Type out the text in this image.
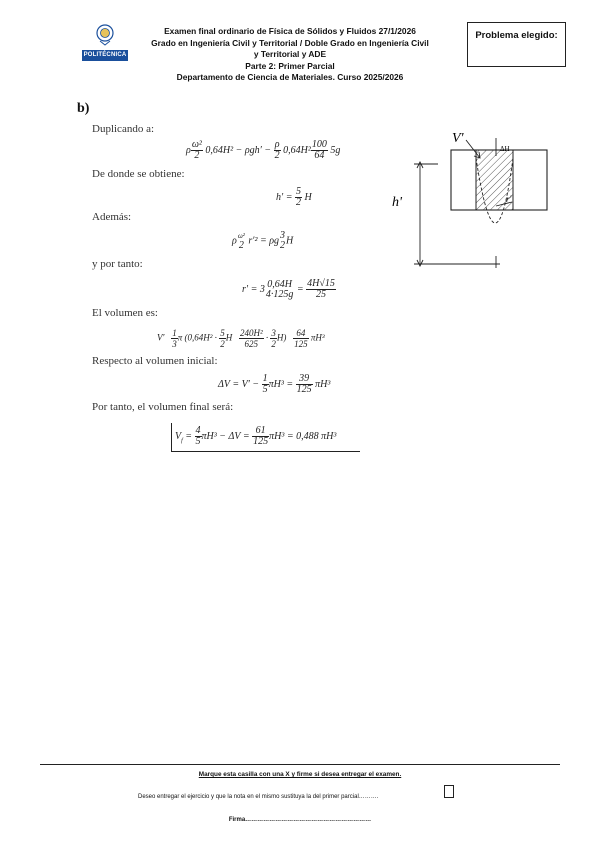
POLITÉCNICA
Examen final ordinario de Física de Sólidos y Fluidos 27/1/2026
Grado en Ingeniería Civil y Territorial / Doble Grado en Ingeniería Civil
y Territorial y ADE
Parte 2: Primer Parcial
Departamento de Ciencia de Materiales. Curso 2025/2026
Problema elegido:
b)
Duplicando a:
ρ $\frac{\text{ω²}}{2} 0,64H^2 - \rho gh' - \frac{\rho}{2} 0,64H^2 \frac{100}{64} 5g$
De donde se obtiene:
$h' = \frac{5}{2}$ H
Además:
ρ ω²
2 r′² = ρg 3
2 H
y por tanto:
r′ = 3 0,64H
$4\cdot 125g = \frac{4H√15}{25}$
El volumen es:
$V' \frac{1}{3}$ π ($0,64H^2 \cdot \frac{5}{2}$ H $\frac{\text{240H²}}{625} \cdot \frac{3}{2} H) \frac{64}{125} \pi H^3$
Respecto al volumen inicial:
$\Delta V = V' - \frac{1}{5} \pi H^3 = \frac{39}{125} \pi H^3$
Por tanto, el volumen final será:
$V_f = \frac{4}{5} \pi H^3 - \Delta V = \frac{61}{125} \pi H^3 = 0,488$ πH³
V'
h'
ΔH
r'
Marque esta casilla con una X y firme si desea entregar el examen.
Deseo entregar el ejercicio y que la nota en el mismo sustituya la del primer parcial……….
Firma………………………………………………………
